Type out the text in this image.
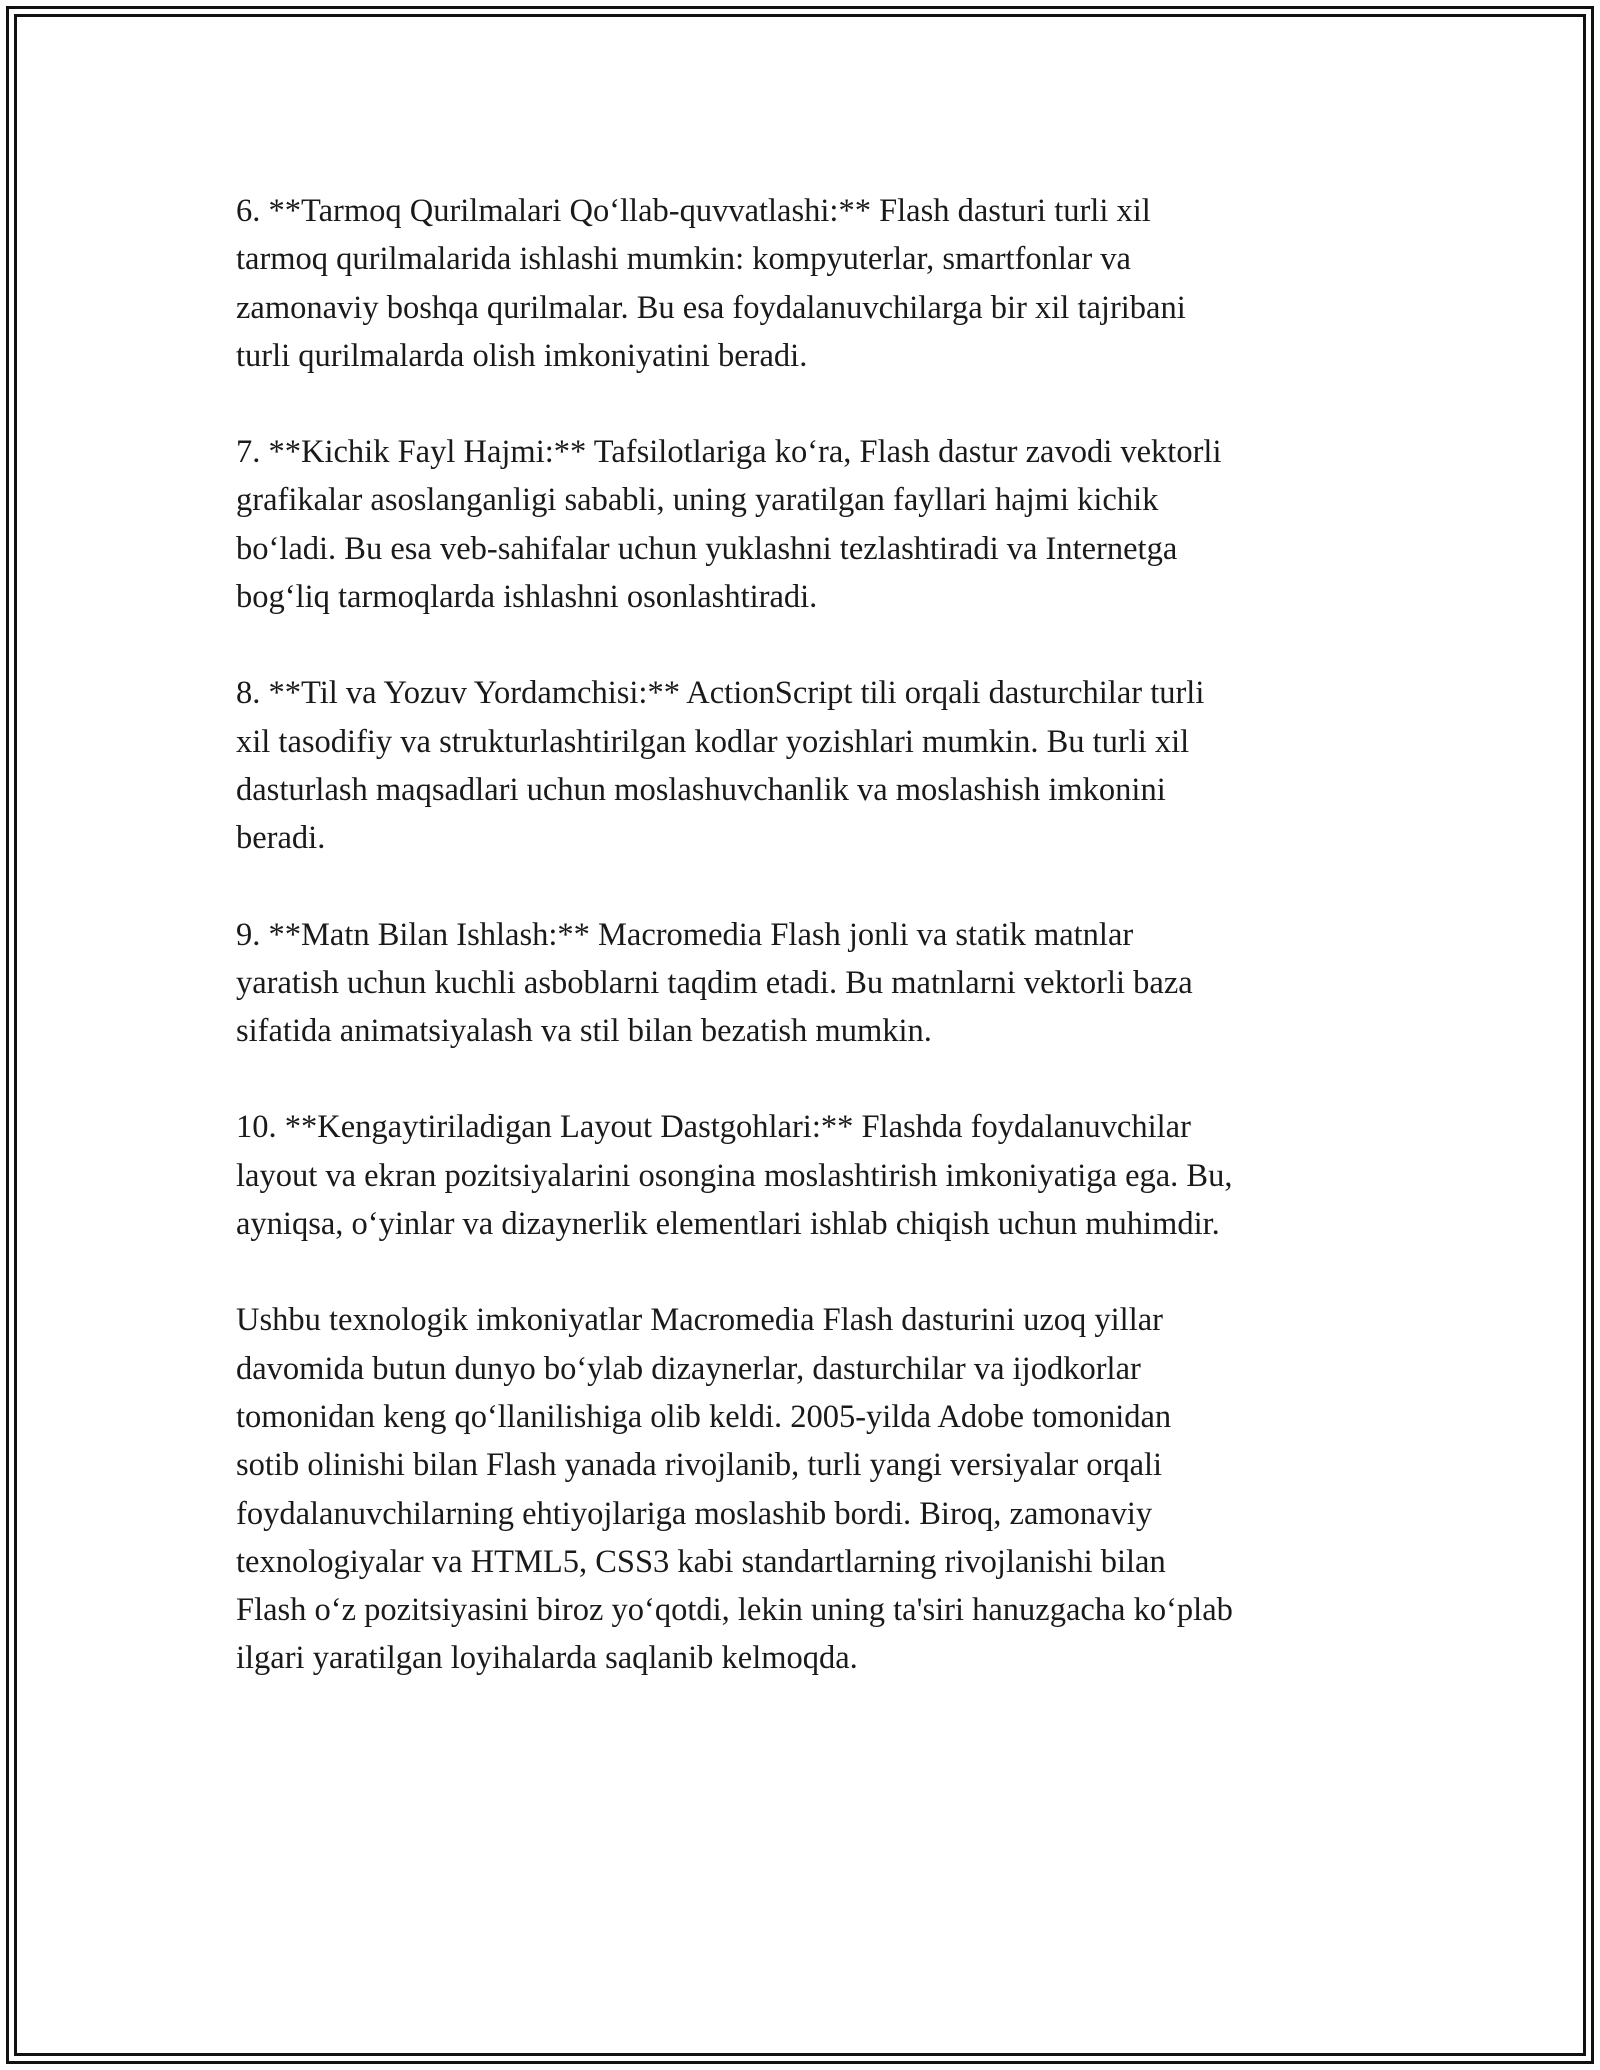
6. **Tarmoq Qurilmalari Qo‘llab-quvvatlashi:** Flash dasturi turli xil
tarmoq qurilmalarida ishlashi mumkin: kompyuterlar, smartfonlar va
zamonaviy boshqa qurilmalar. Bu esa foydalanuvchilarga bir xil tajribani
turli qurilmalarda olish imkoniyatini beradi.

7. **Kichik Fayl Hajmi:** Tafsilotlariga ko‘ra, Flash dastur zavodi vektorli
grafikalar asoslanganligi sababli, uning yaratilgan fayllari hajmi kichik
bo‘ladi. Bu esa veb-sahifalar uchun yuklashni tezlashtiradi va Internetga
bog‘liq tarmoqlarda ishlashni osonlashtiradi.

8. **Til va Yozuv Yordamchisi:** ActionScript tili orqali dasturchilar turli
xil tasodifiy va strukturlashtirilgan kodlar yozishlari mumkin. Bu turli xil
dasturlash maqsadlari uchun moslashuvchanlik va moslashish imkonini
beradi.

9. **Matn Bilan Ishlash:** Macromedia Flash jonli va statik matnlar
yaratish uchun kuchli asboblarni taqdim etadi. Bu matnlarni vektorli baza
sifatida animatsiyalash va stil bilan bezatish mumkin.

10. **Kengaytiriladigan Layout Dastgohlari:** Flashda foydalanuvchilar
layout va ekran pozitsiyalarini osongina moslashtirish imkoniyatiga ega. Bu,
ayniqsa, o‘yinlar va dizaynerlik elementlari ishlab chiqish uchun muhimdir.

Ushbu texnologik imkoniyatlar Macromedia Flash dasturini uzoq yillar
davomida butun dunyo bo‘ylab dizaynerlar, dasturchilar va ijodkorlar
tomonidan keng qo‘llanilishiga olib keldi. 2005-yilda Adobe tomonidan
sotib olinishi bilan Flash yanada rivojlanib, turli yangi versiyalar orqali
foydalanuvchilarning ehtiyojlariga moslashib bordi. Biroq, zamonaviy
texnologiyalar va HTML5, CSS3 kabi standartlarning rivojlanishi bilan
Flash o‘z pozitsiyasini biroz yo‘qotdi, lekin uning ta'siri hanuzgacha ko‘plab
ilgari yaratilgan loyihalarda saqlanib kelmoqda.
